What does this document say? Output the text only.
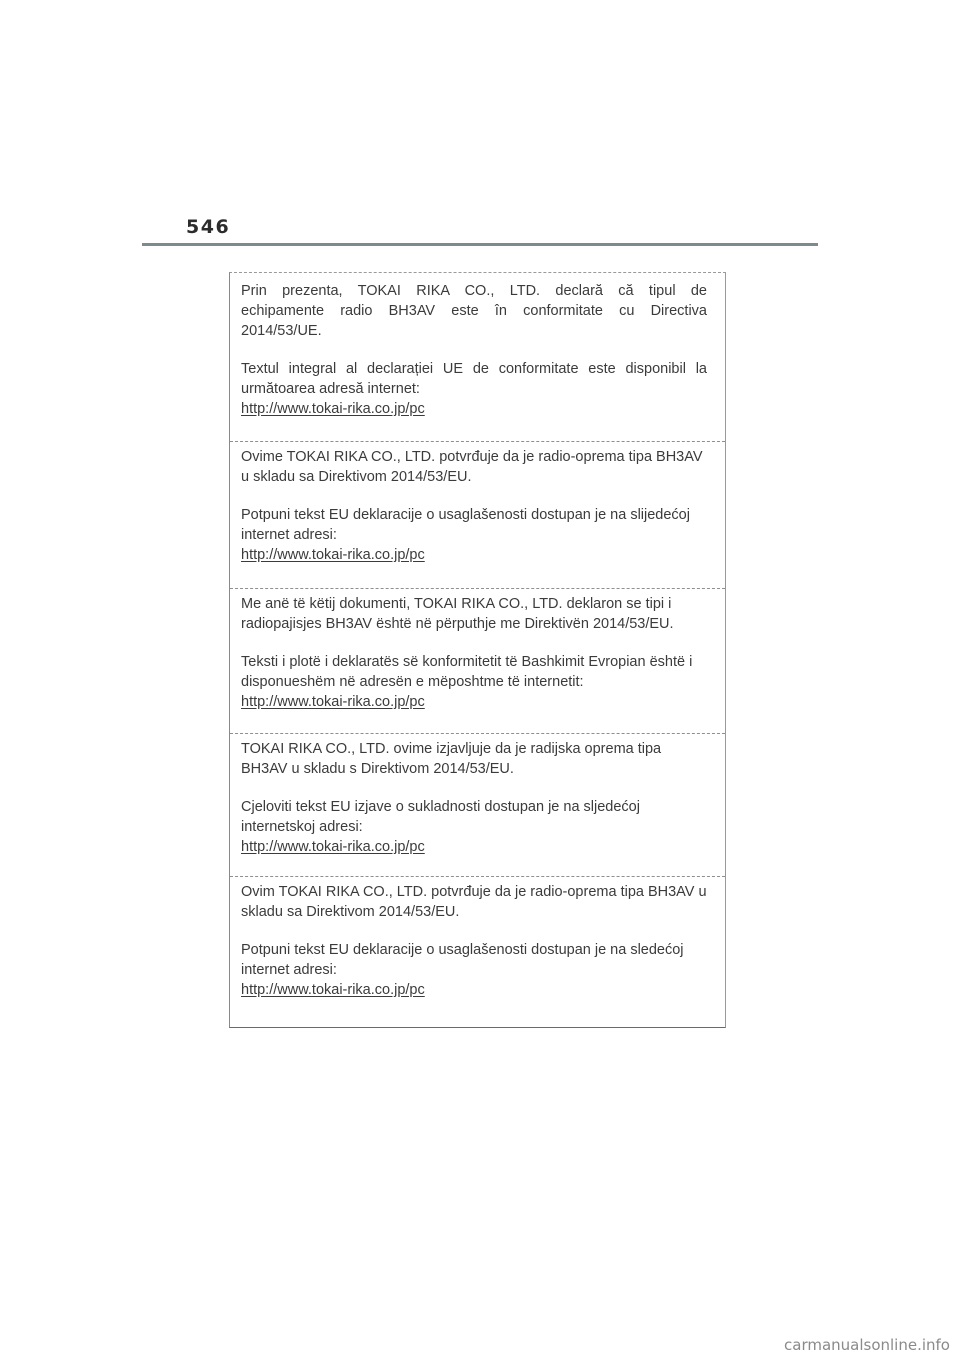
546

Prin prezenta, TOKAI RIKA CO., LTD. declară că tipul de
echipamente radio BH3AV este în conformitate cu Directiva
2014/53/UE.

Textul integral al declarației UE de conformitate este disponibil la următoarea adresă internet:

http://www.tokai-rika.co.jp/pc

Ovime TOKAI RIKA CO., LTD. potvrđuje da je radio-oprema tipa BH3AV u skladu sa Direktivom 2014/53/EU.

Potpuni tekst EU deklaracije o usaglašenosti dostupan je na slijedećoj internet adresi:

http://www.tokai-rika.co.jp/pc

Me anë të këtij dokumenti, TOKAI RIKA CO., LTD. deklaron se tipi i radiopajisjes BH3AV është në përputhje me Direktivën 2014/53/EU.

Teksti i plotë i deklaratës së konformitetit të Bashkimit Evropian është i disponueshëm në adresën e mëposhtme të internetit:

http://www.tokai-rika.co.jp/pc

TOKAI RIKA CO., LTD. ovime izjavljuje da je radijska oprema tipa BH3AV u skladu s Direktivom 2014/53/EU.

Cjeloviti tekst EU izjave o sukladnosti dostupan je na sljedećoj internetskoj adresi:

http://www.tokai-rika.co.jp/pc

Ovim TOKAI RIKA CO., LTD. potvrđuje da je radio-oprema tipa BH3AV u skladu sa Direktivom 2014/53/EU.

Potpuni tekst EU deklaracije o usaglašenosti dostupan je na sledećoj internet adresi:

http://www.tokai-rika.co.jp/pc
carmanualsonline.info
